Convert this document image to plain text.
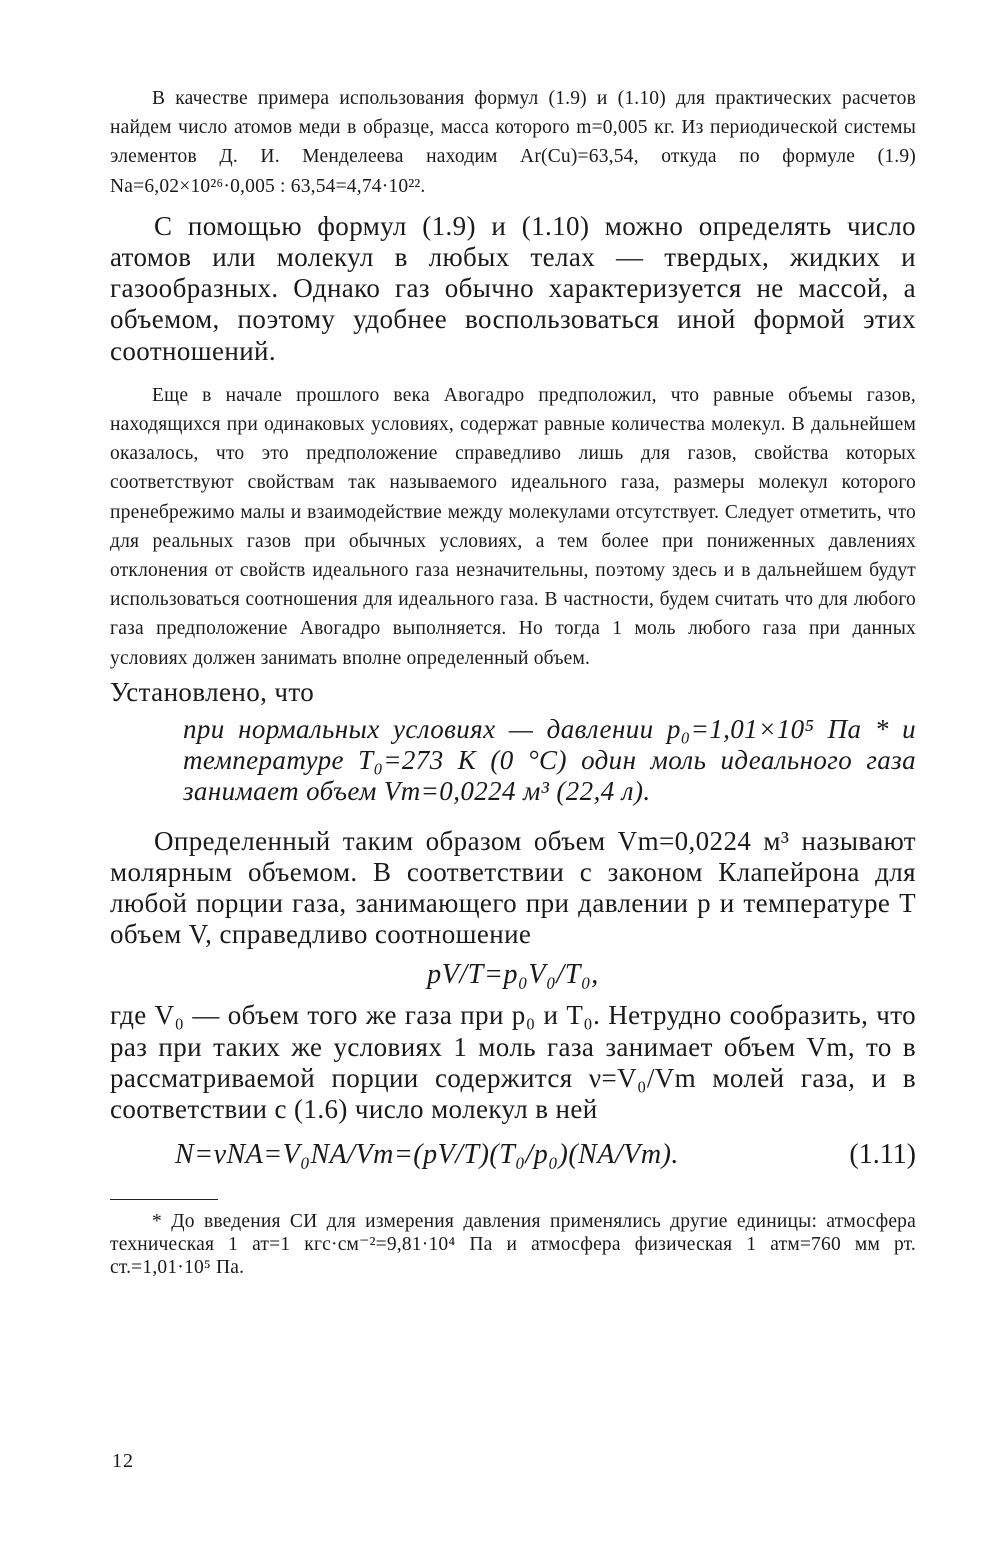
В качестве примера использования формул (1.9) и (1.10) для практических расчетов найдем число атомов меди в образце, масса которого m=0,005 кг. Из периодической системы элементов Д. И. Менделеева находим Ar(Cu)=63,54, откуда по формуле (1.9) Nа=6,02×10²⁶·0,005 : 63,54=4,74·10²².

С помощью формул (1.9) и (1.10) можно определять число атомов или молекул в любых телах — твердых, жидких и газообразных. Однако газ обычно характеризуется не массой, а объемом, поэтому удобнее воспользоваться иной формой этих соотношений.

Еще в начале прошлого века Авогадро предположил, что равные объемы газов, находящихся при одинаковых условиях, содержат равные количества молекул. В дальнейшем оказалось, что это предположение справедливо лишь для газов, свойства которых соответствуют свойствам так называемого идеального газа, размеры молекул которого пренебрежимо малы и взаимодействие между молекулами отсутствует. Следует отметить, что для реальных газов при обычных условиях, а тем более при пониженных давлениях отклонения от свойств идеального газа незначительны, поэтому здесь и в дальнейшем будут использоваться соотношения для идеального газа. В частности, будем считать что для любого газа предположение Авогадро выполняется. Но тогда 1 моль любого газа при данных условиях должен занимать вполне определенный объем.

Установлено, что

при нормальных условиях — давлении p₀=1,01×10⁵ Па * и температуре T₀=273 К (0 °С) один моль идеального газа занимает объем Vm=0,0224 м³ (22,4 л).

Определенный таким образом объем Vm=0,0224 м³ называют молярным объемом. В соответствии с законом Клапейрона для любой порции газа, занимающего при давлении p и температуре T объем V, справедливо соотношение

pV/T=p₀V₀/T₀,

где V₀ — объем того же газа при p₀ и T₀. Нетрудно сообразить, что раз при таких же условиях 1 моль газа занимает объем Vm, то в рассматриваемой порции содержится ν=V₀/Vm молей газа, и в соответствии с (1.6) число молекул в ней

N=νNA=V₀NA/Vm=(pV/T)(T₀/p₀)(NA/Vm).	(1.11)

* До введения СИ для измерения давления применялись другие единицы: атмосфера техническая 1 ат=1 кгс·см⁻²=9,81·10⁴ Па и атмосфера физическая 1 атм=760 мм рт. ст.=1,01·10⁵ Па.

12
